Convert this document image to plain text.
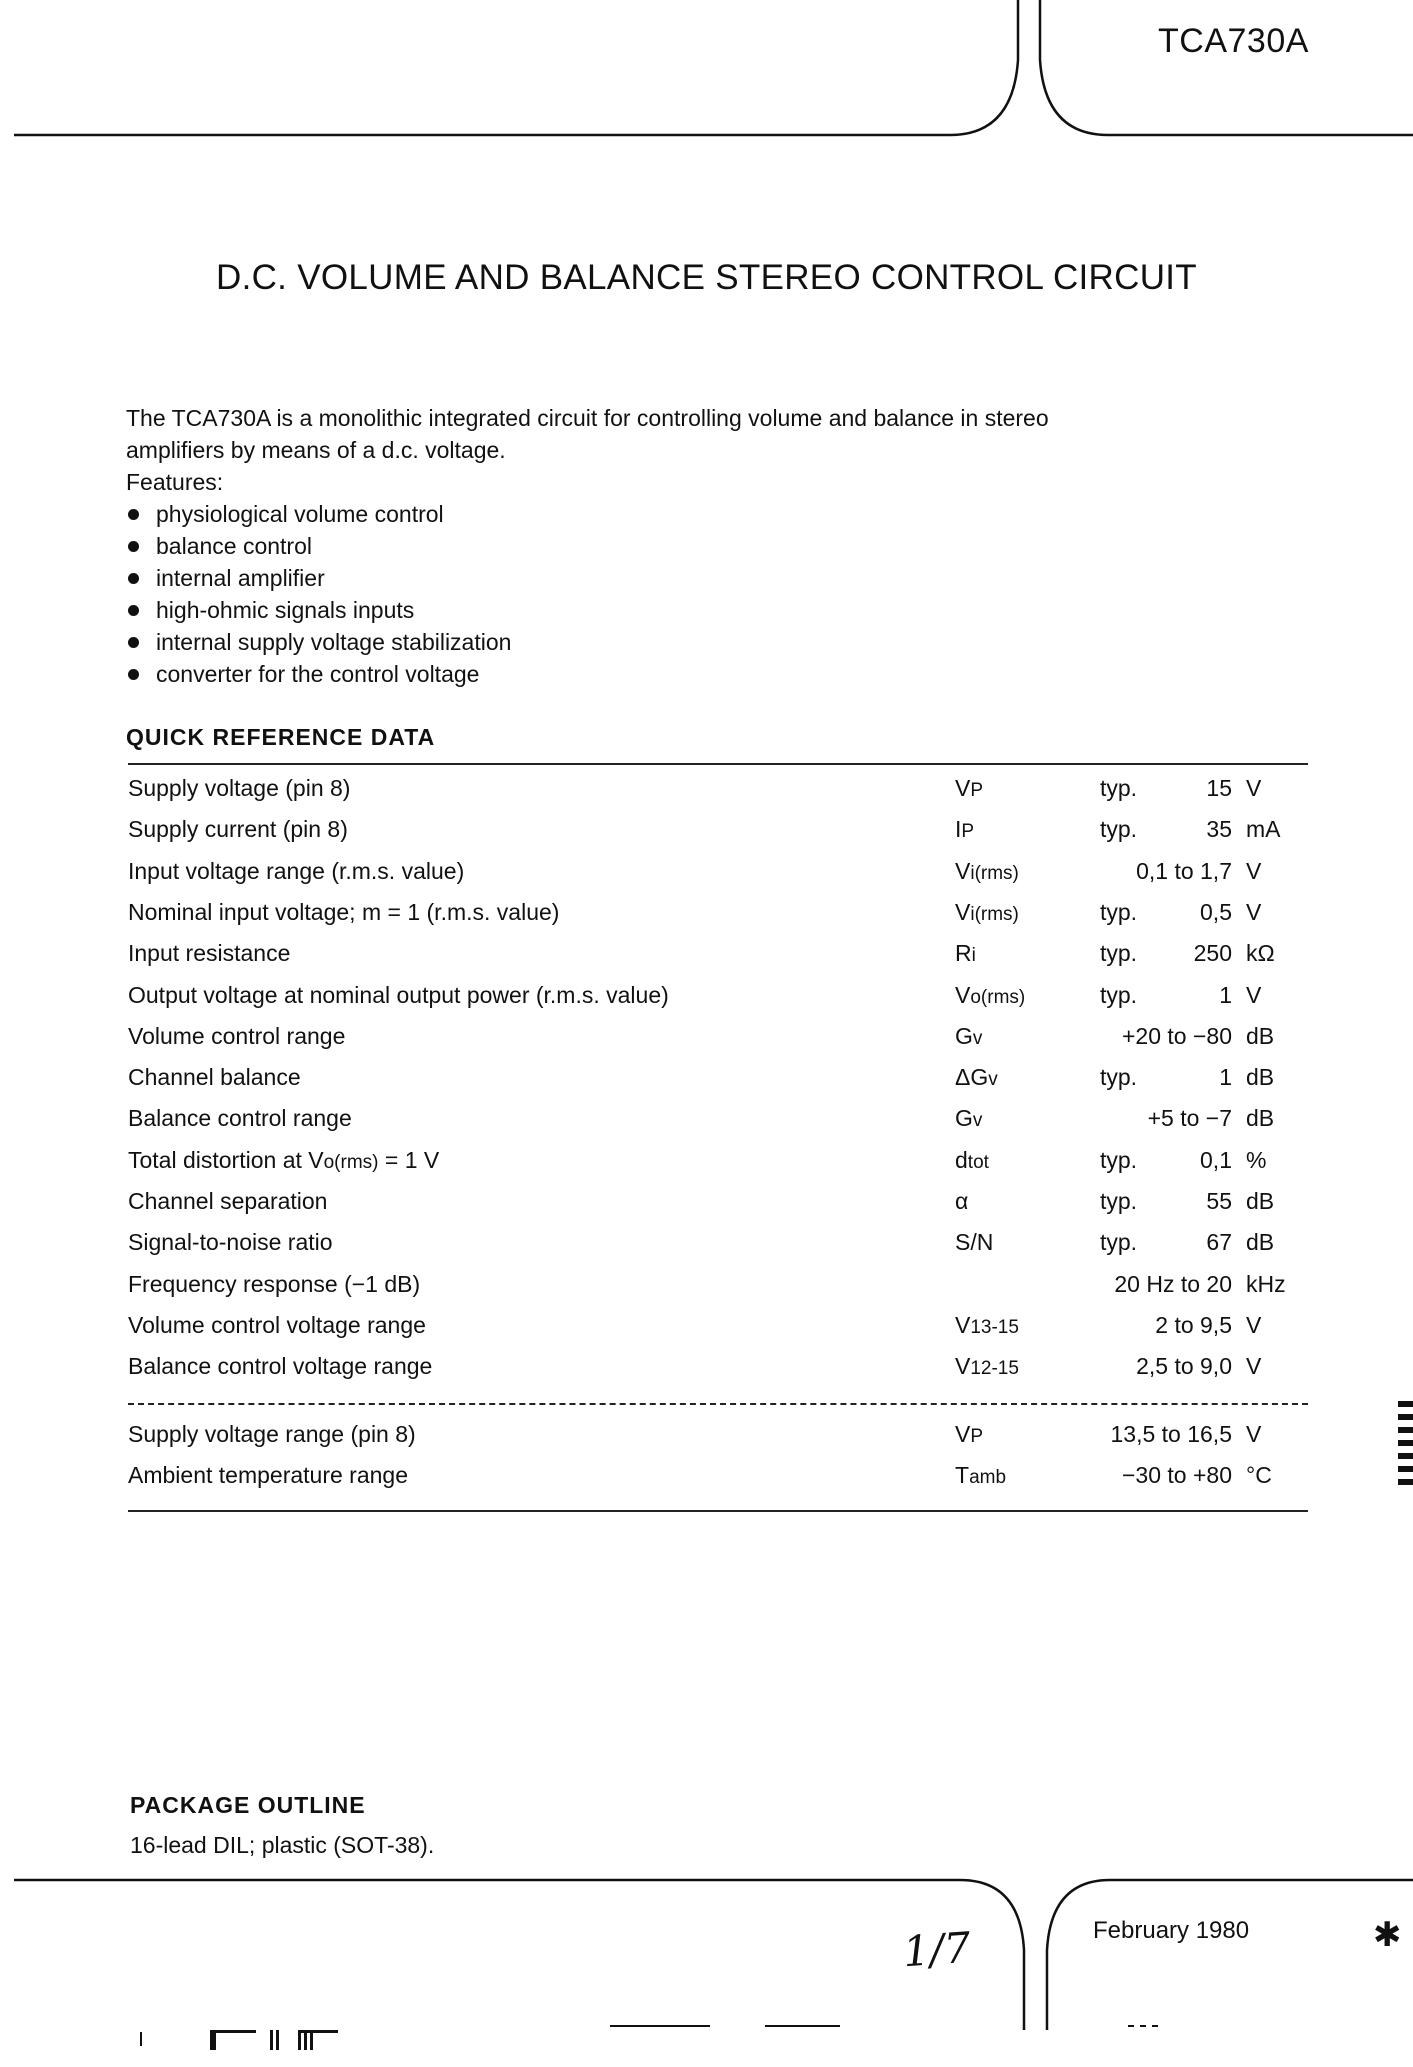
TCA730A
D.C. VOLUME AND BALANCE STEREO CONTROL CIRCUIT

The TCA730A is a monolithic integrated circuit for controlling volume and balance in stereo

amplifiers by means of a d.c. voltage.

Features:

physiological volume control
balance control
internal amplifier
high-ohmic signals inputs
internal supply voltage stabilization
converter for the control voltage
QUICK REFERENCE DATA
Supply voltage (pin 8)	VP	typ.	15 V
Supply current (pin 8)	IP	typ.	35 mA
Input voltage range (r.m.s. value)	Vi(rms)	0,1 to 1,7 V
Nominal input voltage; m = 1 (r.m.s. value)	Vi(rms)	typ.	0,5 V
Input resistance	Ri	typ. 250 kΩ
Output voltage at nominal output power (r.m.s. value)	Vo(rms)	typ.	1 V
Volume control range	Gv	+20 to −80 dB
Channel balance	ΔGv	typ.	1 dB
Balance control range	Gv	+5 to −7 dB
Total distortion at Vo(rms) = 1 V	dtot	typ.	0,1 %
Channel separation	α	typ.	55 dB
Signal-to-noise ratio	S/N	typ.	67 dB
Frequency response (−1 dB)	20 Hz to 20 kHz
Volume control voltage range	V13-15	2 to 9,5 V
Balance control voltage range	V12-15	2,5 to 9,0 V
Supply voltage range (pin 8)	VP	13,5 to 16,5 V
Ambient temperature range	Tamb	−30 to +80 °C
PACKAGE OUTLINE
16-lead DIL; plastic (SOT-38).
1/7	February 1980	✱
